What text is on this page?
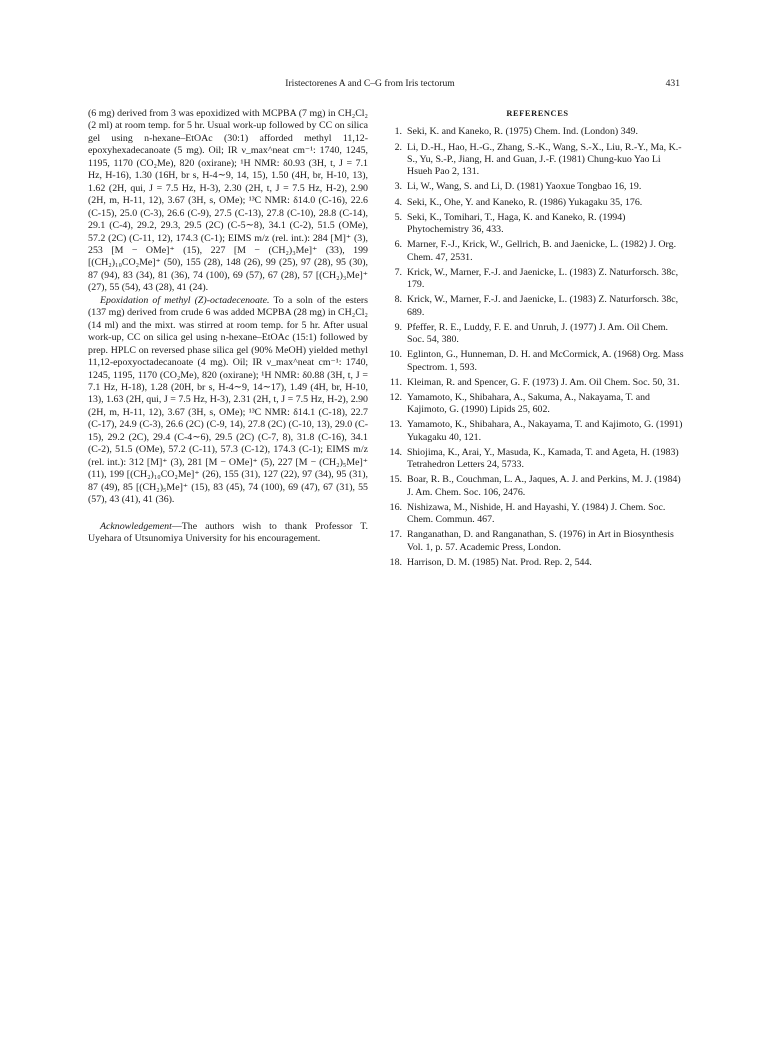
Iristectorenes A and C–G from Iris tectorum	431

(6 mg) derived from 3 was epoxidized with MCPBA (7 mg) in CH₂Cl₂ (2 ml) at room temp. for 5 hr. Usual work-up followed by CC on silica gel using n-hexane–EtOAc (30:1) afforded methyl 11,12-epoxyhexadecanoate (5 mg). Oil; IR ν_max^neat cm⁻¹: 1740, 1245, 1195, 1170 (CO₂Me), 820 (oxirane); ¹H NMR: δ0.93 (3H, t, J = 7.1 Hz, H-16), 1.30 (16H, br s, H-4∼9, 14, 15), 1.50 (4H, br, H-10, 13), 1.62 (2H, qui, J = 7.5 Hz, H-3), 2.30 (2H, t, J = 7.5 Hz, H-2), 2.90 (2H, m, H-11, 12), 3.67 (3H, s, OMe); ¹³C NMR: δ14.0 (C-16), 22.6 (C-15), 25.0 (C-3), 26.6 (C-9), 27.5 (C-13), 27.8 (C-10), 28.8 (C-14), 29.1 (C-4), 29.2, 29.3, 29.5 (2C) (C-5∼8), 34.1 (C-2), 51.5 (OMe), 57.2 (2C) (C-11, 12), 174.3 (C-1); EIMS m/z (rel. int.): 284 [M]⁺ (3), 253 [M − OMe]⁺ (15), 227 [M − (CH₂)₃Me]⁺ (33), 199 [(CH₂)₁₀CO₂Me]⁺ (50), 155 (28), 148 (26), 99 (25), 97 (28), 95 (30), 87 (94), 83 (34), 81 (36), 74 (100), 69 (57), 67 (28), 57 [(CH₂)₃Me]⁺ (27), 55 (54), 43 (28), 41 (24).

Epoxidation of methyl (Z)-octadecenoate. To a soln of the esters (137 mg) derived from crude 6 was added MCPBA (28 mg) in CH₂Cl₂ (14 ml) and the mixt. was stirred at room temp. for 5 hr. After usual work-up, CC on silica gel using n-hexane–EtOAc (15:1) followed by prep. HPLC on reversed phase silica gel (90% MeOH) yielded methyl 11,12-epoxyoctadecanoate (4 mg). Oil; IR ν_max^neat cm⁻¹: 1740, 1245, 1195, 1170 (CO₂Me), 820 (oxirane); ¹H NMR: δ0.88 (3H, t, J = 7.1 Hz, H-18), 1.28 (20H, br s, H-4∼9, 14∼17), 1.49 (4H, br, H-10, 13), 1.63 (2H, qui, J = 7.5 Hz, H-3), 2.31 (2H, t, J = 7.5 Hz, H-2), 2.90 (2H, m, H-11, 12), 3.67 (3H, s, OMe); ¹³C NMR: δ14.1 (C-18), 22.7 (C-17), 24.9 (C-3), 26.6 (2C) (C-9, 14), 27.8 (2C) (C-10, 13), 29.0 (C-15), 29.2 (2C), 29.4 (C-4∼6), 29.5 (2C) (C-7, 8), 31.8 (C-16), 34.1 (C-2), 51.5 (OMe), 57.2 (C-11), 57.3 (C-12), 174.3 (C-1); EIMS m/z (rel. int.): 312 [M]⁺ (3), 281 [M − OMe]⁺ (5), 227 [M − (CH₂)₅Me]⁺ (11), 199 [(CH₂)₁₀CO₂Me]⁺ (26), 155 (31), 127 (22), 97 (34), 95 (31), 87 (49), 85 [(CH₂)₅Me]⁺ (15), 83 (45), 74 (100), 69 (47), 67 (31), 55 (57), 43 (41), 41 (36).

Acknowledgement—The authors wish to thank Professor T. Uyehara of Utsunomiya University for his encouragement.

REFERENCES
1. Seki, K. and Kaneko, R. (1975) Chem. Ind. (London) 349.
2. Li, D.-H., Hao, H.-G., Zhang, S.-K., Wang, S.-X., Liu, R.-Y., Ma, K.-S., Yu, S.-P., Jiang, H. and Guan, J.-F. (1981) Chung-kuo Yao Li Hsueh Pao 2, 131.
3. Li, W., Wang, S. and Li, D. (1981) Yaoxue Tongbao 16, 19.
4. Seki, K., Ohe, Y. and Kaneko, R. (1986) Yukagaku 35, 176.
5. Seki, K., Tomihari, T., Haga, K. and Kaneko, R. (1994) Phytochemistry 36, 433.
6. Marner, F.-J., Krick, W., Gellrich, B. and Jaenicke, L. (1982) J. Org. Chem. 47, 2531.
7. Krick, W., Marner, F.-J. and Jaenicke, L. (1983) Z. Naturforsch. 38c, 179.
8. Krick, W., Marner, F.-J. and Jaenicke, L. (1983) Z. Naturforsch. 38c, 689.
9. Pfeffer, R. E., Luddy, F. E. and Unruh, J. (1977) J. Am. Oil Chem. Soc. 54, 380.
10. Eglinton, G., Hunneman, D. H. and McCormick, A. (1968) Org. Mass Spectrom. 1, 593.
11. Kleiman, R. and Spencer, G. F. (1973) J. Am. Oil Chem. Soc. 50, 31.
12. Yamamoto, K., Shibahara, A., Sakuma, A., Nakayama, T. and Kajimoto, G. (1990) Lipids 25, 602.
13. Yamamoto, K., Shibahara, A., Nakayama, T. and Kajimoto, G. (1991) Yukagaku 40, 121.
14. Shiojima, K., Arai, Y., Masuda, K., Kamada, T. and Ageta, H. (1983) Tetrahedron Letters 24, 5733.
15. Boar, R. B., Couchman, L. A., Jaques, A. J. and Perkins, M. J. (1984) J. Am. Chem. Soc. 106, 2476.
16. Nishizawa, M., Nishide, H. and Hayashi, Y. (1984) J. Chem. Soc. Chem. Commun. 467.
17. Ranganathan, D. and Ranganathan, S. (1976) in Art in Biosynthesis Vol. 1, p. 57. Academic Press, London.
18. Harrison, D. M. (1985) Nat. Prod. Rep. 2, 544.
